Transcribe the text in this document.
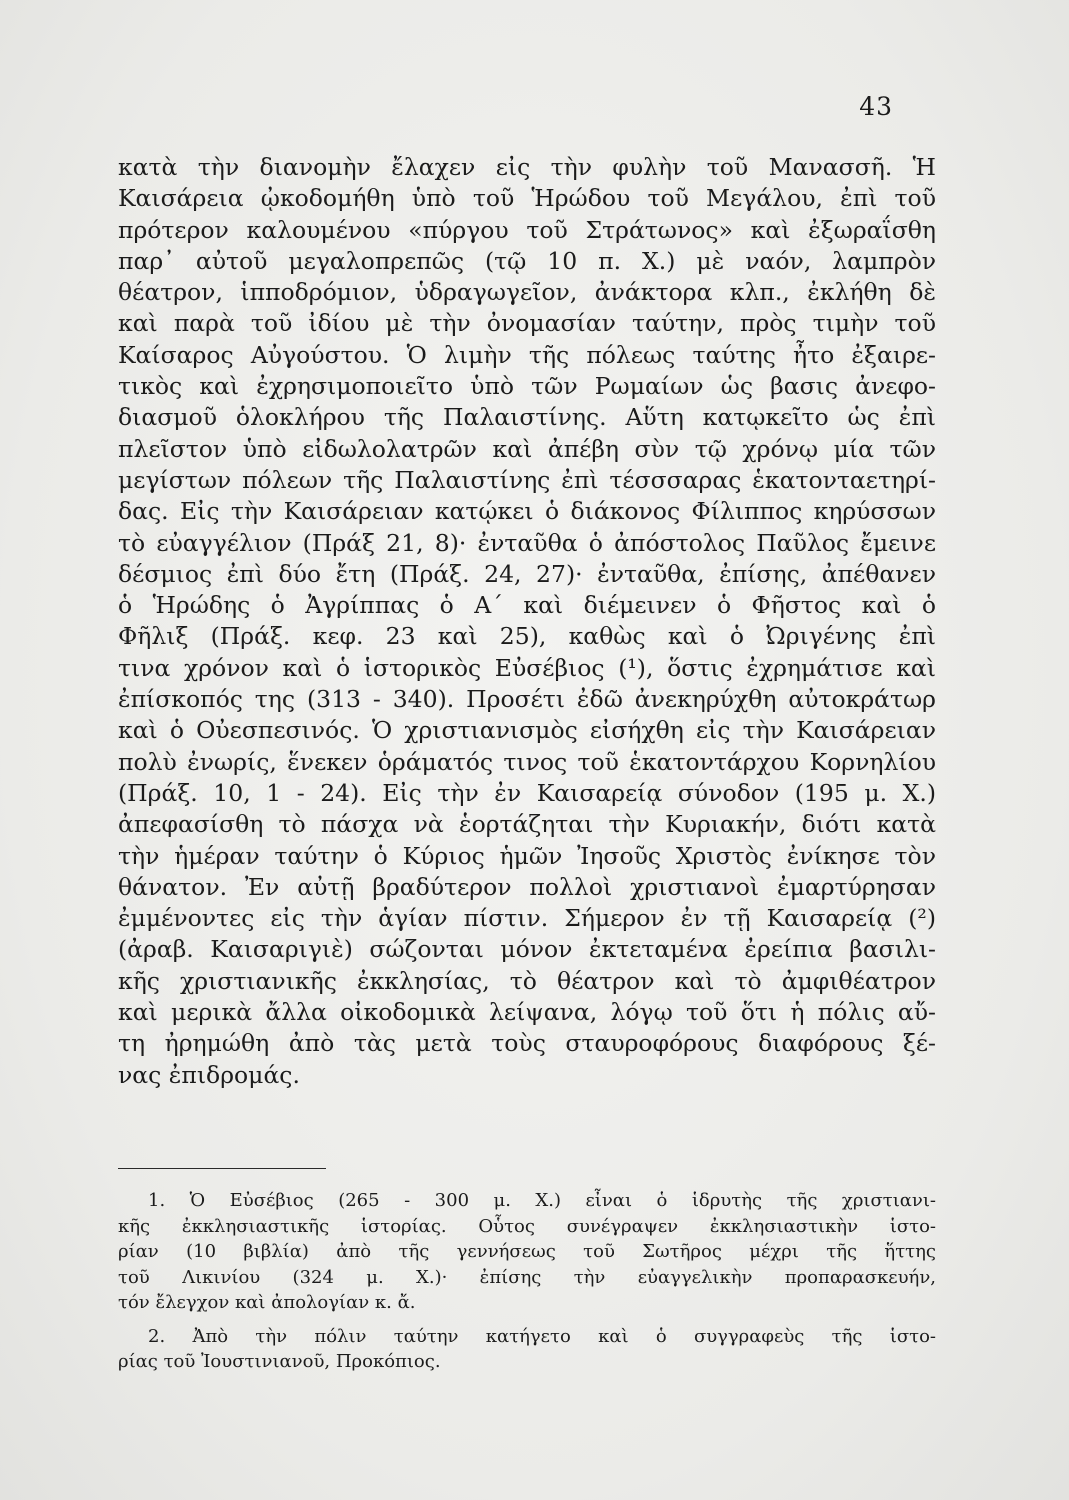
43
κατὰ τὴν διανομὴν ἔλαχεν εἰς τὴν φυλὴν τοῦ Μανασσῆ. Ἡ
Καισάρεια ᾠκοδομήθη ὑπὸ τοῦ Ἡρώδου τοῦ Μεγάλου, ἐπὶ τοῦ
πρότερον καλουμένου «πύργου τοῦ Στράτωνος» καὶ ἐξωραΐσθη
παρ᾿ αὐτοῦ μεγαλοπρεπῶς (τῷ 10 π. Χ.) μὲ ναόν, λαμπρὸν
θέατρον, ἱπποδρόμιον, ὑδραγωγεῖον, ἀνάκτορα κλπ., ἐκλήθη δὲ
καὶ παρὰ τοῦ ἰδίου μὲ τὴν ὀνομασίαν ταύτην, πρὸς τιμὴν τοῦ
Καίσαρος Αὐγούστου. Ὁ λιμὴν τῆς πόλεως ταύτης ἦτο ἐξαιρε-
τικὸς καὶ ἐχρησιμοποιεῖτο ὑπὸ τῶν Ρωμαίων ὡς βασις ἀνεφο-
διασμοῦ ὁλοκλήρου τῆς Παλαιστίνης. Αὕτη κατῳκεῖτο ὡς ἐπὶ
πλεῖστον ὑπὸ εἰδωλολατρῶν καὶ ἀπέβη σὺν τῷ χρόνῳ μία τῶν
μεγίστων πόλεων τῆς Παλαιστίνης ἐπὶ τέσσσαρας ἑκατονταετηρί-
δας. Εἰς τὴν Καισάρειαν κατῴκει ὁ διάκονος Φίλιππος κηρύσσων
τὸ εὐαγγέλιον (Πράξ 21, 8)· ἐνταῦθα ὁ ἀπόστολος Παῦλος ἔμεινε
δέσμιος ἐπὶ δύο ἔτη (Πράξ. 24, 27)· ἐνταῦθα, ἐπίσης, ἀπέθανεν
ὁ Ἡρώδης ὁ Ἀγρίππας ὁ Α´ καὶ διέμεινεν ὁ Φῆστος καὶ ὁ
Φῆλιξ (Πράξ. κεφ. 23 καὶ 25), καθὼς καὶ ὁ Ὠριγένης ἐπὶ
τινα χρόνον καὶ ὁ ἱστορικὸς Εὐσέβιος (¹), ὅστις ἐχρημάτισε καὶ
ἐπίσκοπός της (313 - 340). Προσέτι ἐδῶ ἀνεκηρύχθη αὐτοκράτωρ
καὶ ὁ Οὐεσπεσινός. Ὁ χριστιανισμὸς εἰσήχθη εἰς τὴν Καισάρειαν
πολὺ ἐνωρίς, ἕνεκεν ὁράματός τινος τοῦ ἑκατοντάρχου Κορνηλίου
(Πράξ. 10, 1 - 24). Εἰς τὴν ἐν Καισαρείᾳ σύνοδον (195 μ. Χ.)
ἀπεφασίσθη τὸ πάσχα νὰ ἑορτάζηται τὴν Κυριακήν, διότι κατὰ
τὴν ἡμέραν ταύτην ὁ Κύριος ἡμῶν Ἰησοῦς Χριστὸς ἐνίκησε τὸν
θάνατον. Ἐν αὐτῇ βραδύτερον πολλοὶ χριστιανοὶ ἐμαρτύρησαν
ἐμμένοντες εἰς τὴν ἁγίαν πίστιν. Σήμερον ἐν τῇ Καισαρείᾳ (²)
(ἀραβ. Καισαριγιὲ) σώζονται μόνον ἐκτεταμένα ἐρείπια βασιλι-
κῆς χριστιανικῆς ἐκκλησίας, τὸ θέατρον καὶ τὸ ἀμφιθέατρον
καὶ μερικὰ ἄλλα οἰκοδομικὰ λείψανα, λόγῳ τοῦ ὅτι ἡ πόλις αὔ-
τη ἠρημώθη ἀπὸ τὰς μετὰ τοὺς σταυροφόρους διαφόρους ξέ-
νας ἐπιδρομάς.
1. Ὁ Εὐσέβιος (265 - 300 μ. Χ.) εἶναι ὁ ἱδρυτὴς τῆς χριστιανι-
κῆς ἐκκλησιαστικῆς ἱστορίας. Οὗτος συνέγραψεν ἐκκλησιαστικὴν ἱστο-
ρίαν (10 βιβλία) ἀπὸ τῆς γεννήσεως τοῦ Σωτῆρος μέχρι τῆς ἥττης
τοῦ Λικινίου (324 μ. Χ.)· ἐπίσης τὴν εὐαγγελικὴν προπαρασκευήν,
τόν ἔλεγχον καὶ ἀπολογίαν κ. ἄ.
2. Ἀπὸ τὴν πόλιν ταύτην κατήγετο καὶ ὁ συγγραφεὺς τῆς ἱστο-
ρίας τοῦ Ἰουστινιανοῦ, Προκόπιος.
